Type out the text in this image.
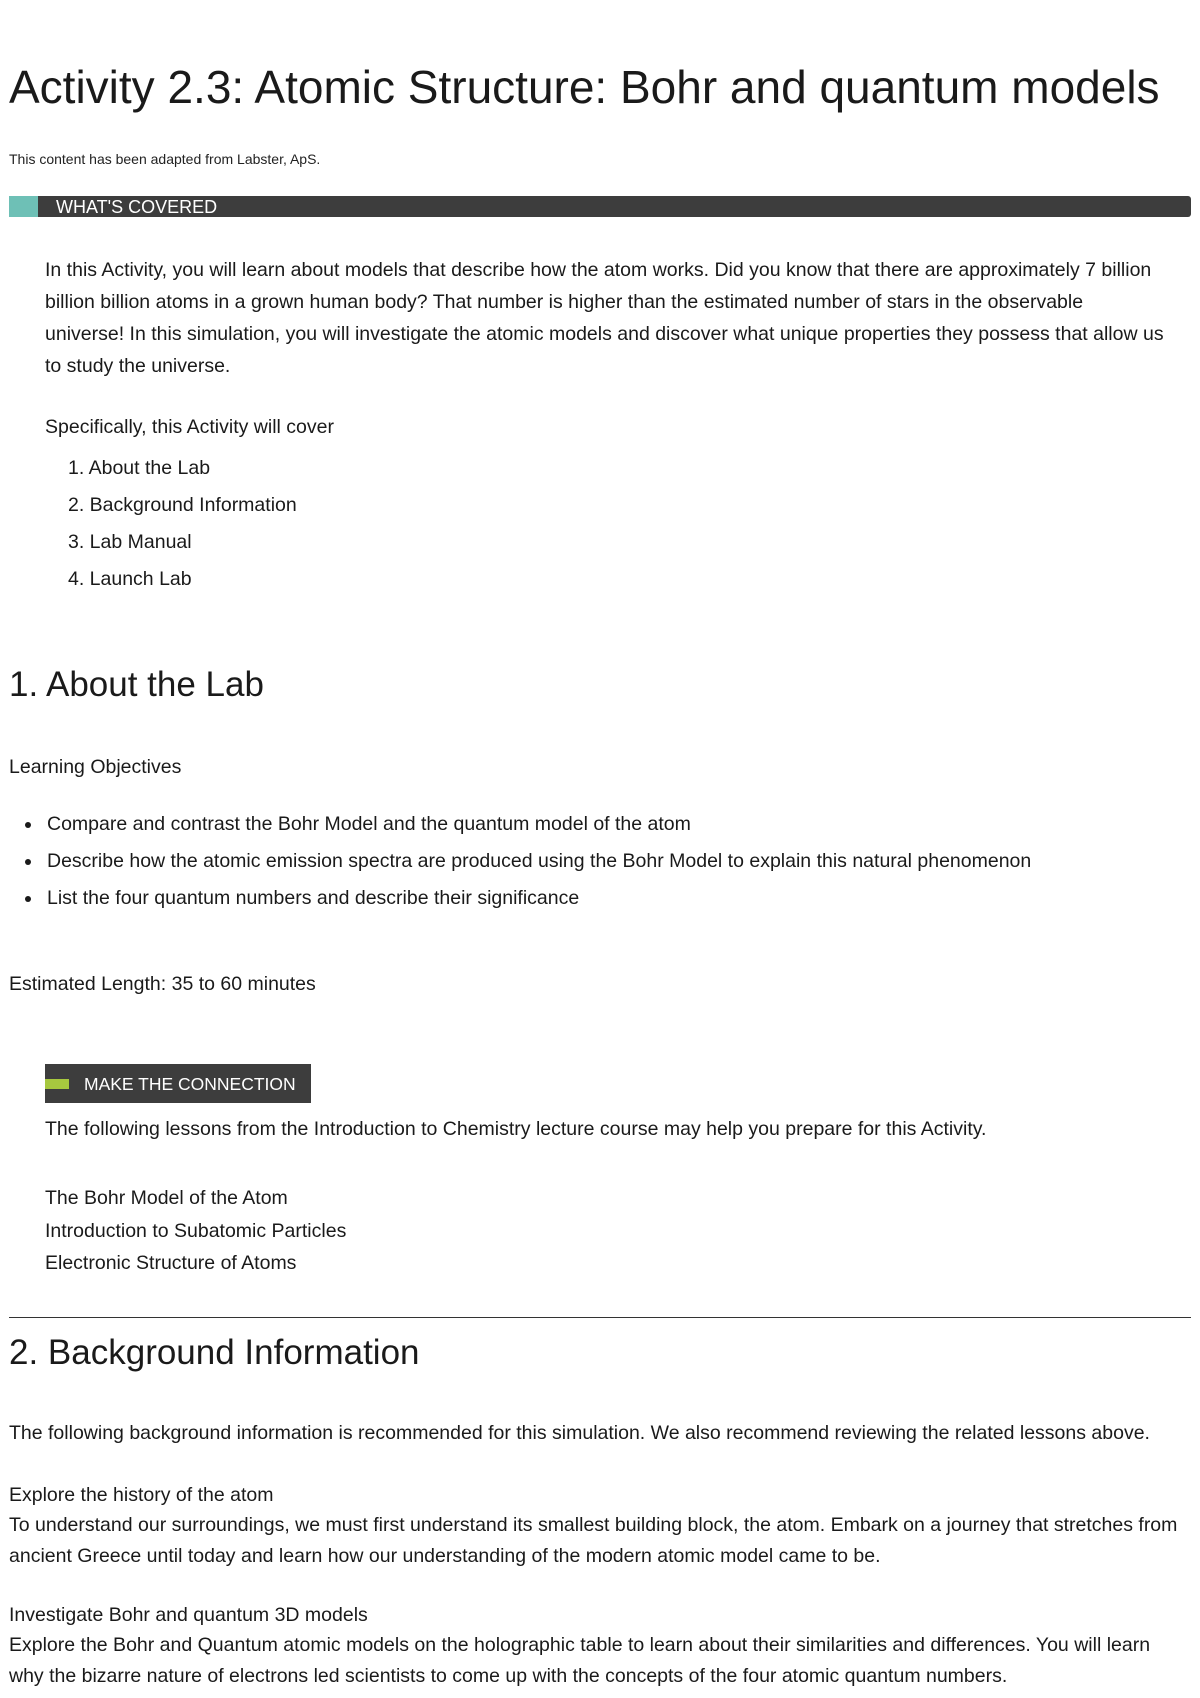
Activity 2.3: Atomic Structure: Bohr and quantum models

This content has been adapted from Labster, ApS.

WHAT'S COVERED

In this Activity, you will learn about models that describe how the atom works. Did you know that there are approximately 7 billion billion billion atoms in a grown human body? That number is higher than the estimated number of stars in the observable universe! In this simulation, you will investigate the atomic models and discover what unique properties they possess that allow us to study the universe.

Specifically, this Activity will cover

1. About the Lab
2. Background Information
3. Lab Manual
4. Launch Lab
1. About the Lab

Learning Objectives

Compare and contrast the Bohr Model and the quantum model of the atom
Describe how the atomic emission spectra are produced using the Bohr Model to explain this natural phenomenon
List the four quantum numbers and describe their significance

Estimated Length: 35 to 60 minutes

MAKE THE CONNECTION

The following lessons from the Introduction to Chemistry lecture course may help you prepare for this Activity.

The Bohr Model of the Atom
Introduction to Subatomic Particles
Electronic Structure of Atoms
2. Background Information

The following background information is recommended for this simulation. We also recommend reviewing the related lessons above.

Explore the history of the atom
To understand our surroundings, we must first understand its smallest building block, the atom. Embark on a journey that stretches from ancient Greece until today and learn how our understanding of the modern atomic model came to be.
Investigate Bohr and quantum 3D models
Explore the Bohr and Quantum atomic models on the holographic table to learn about their similarities and differences. You will learn why the bizarre nature of electrons led scientists to come up with the concepts of the four atomic quantum numbers.
